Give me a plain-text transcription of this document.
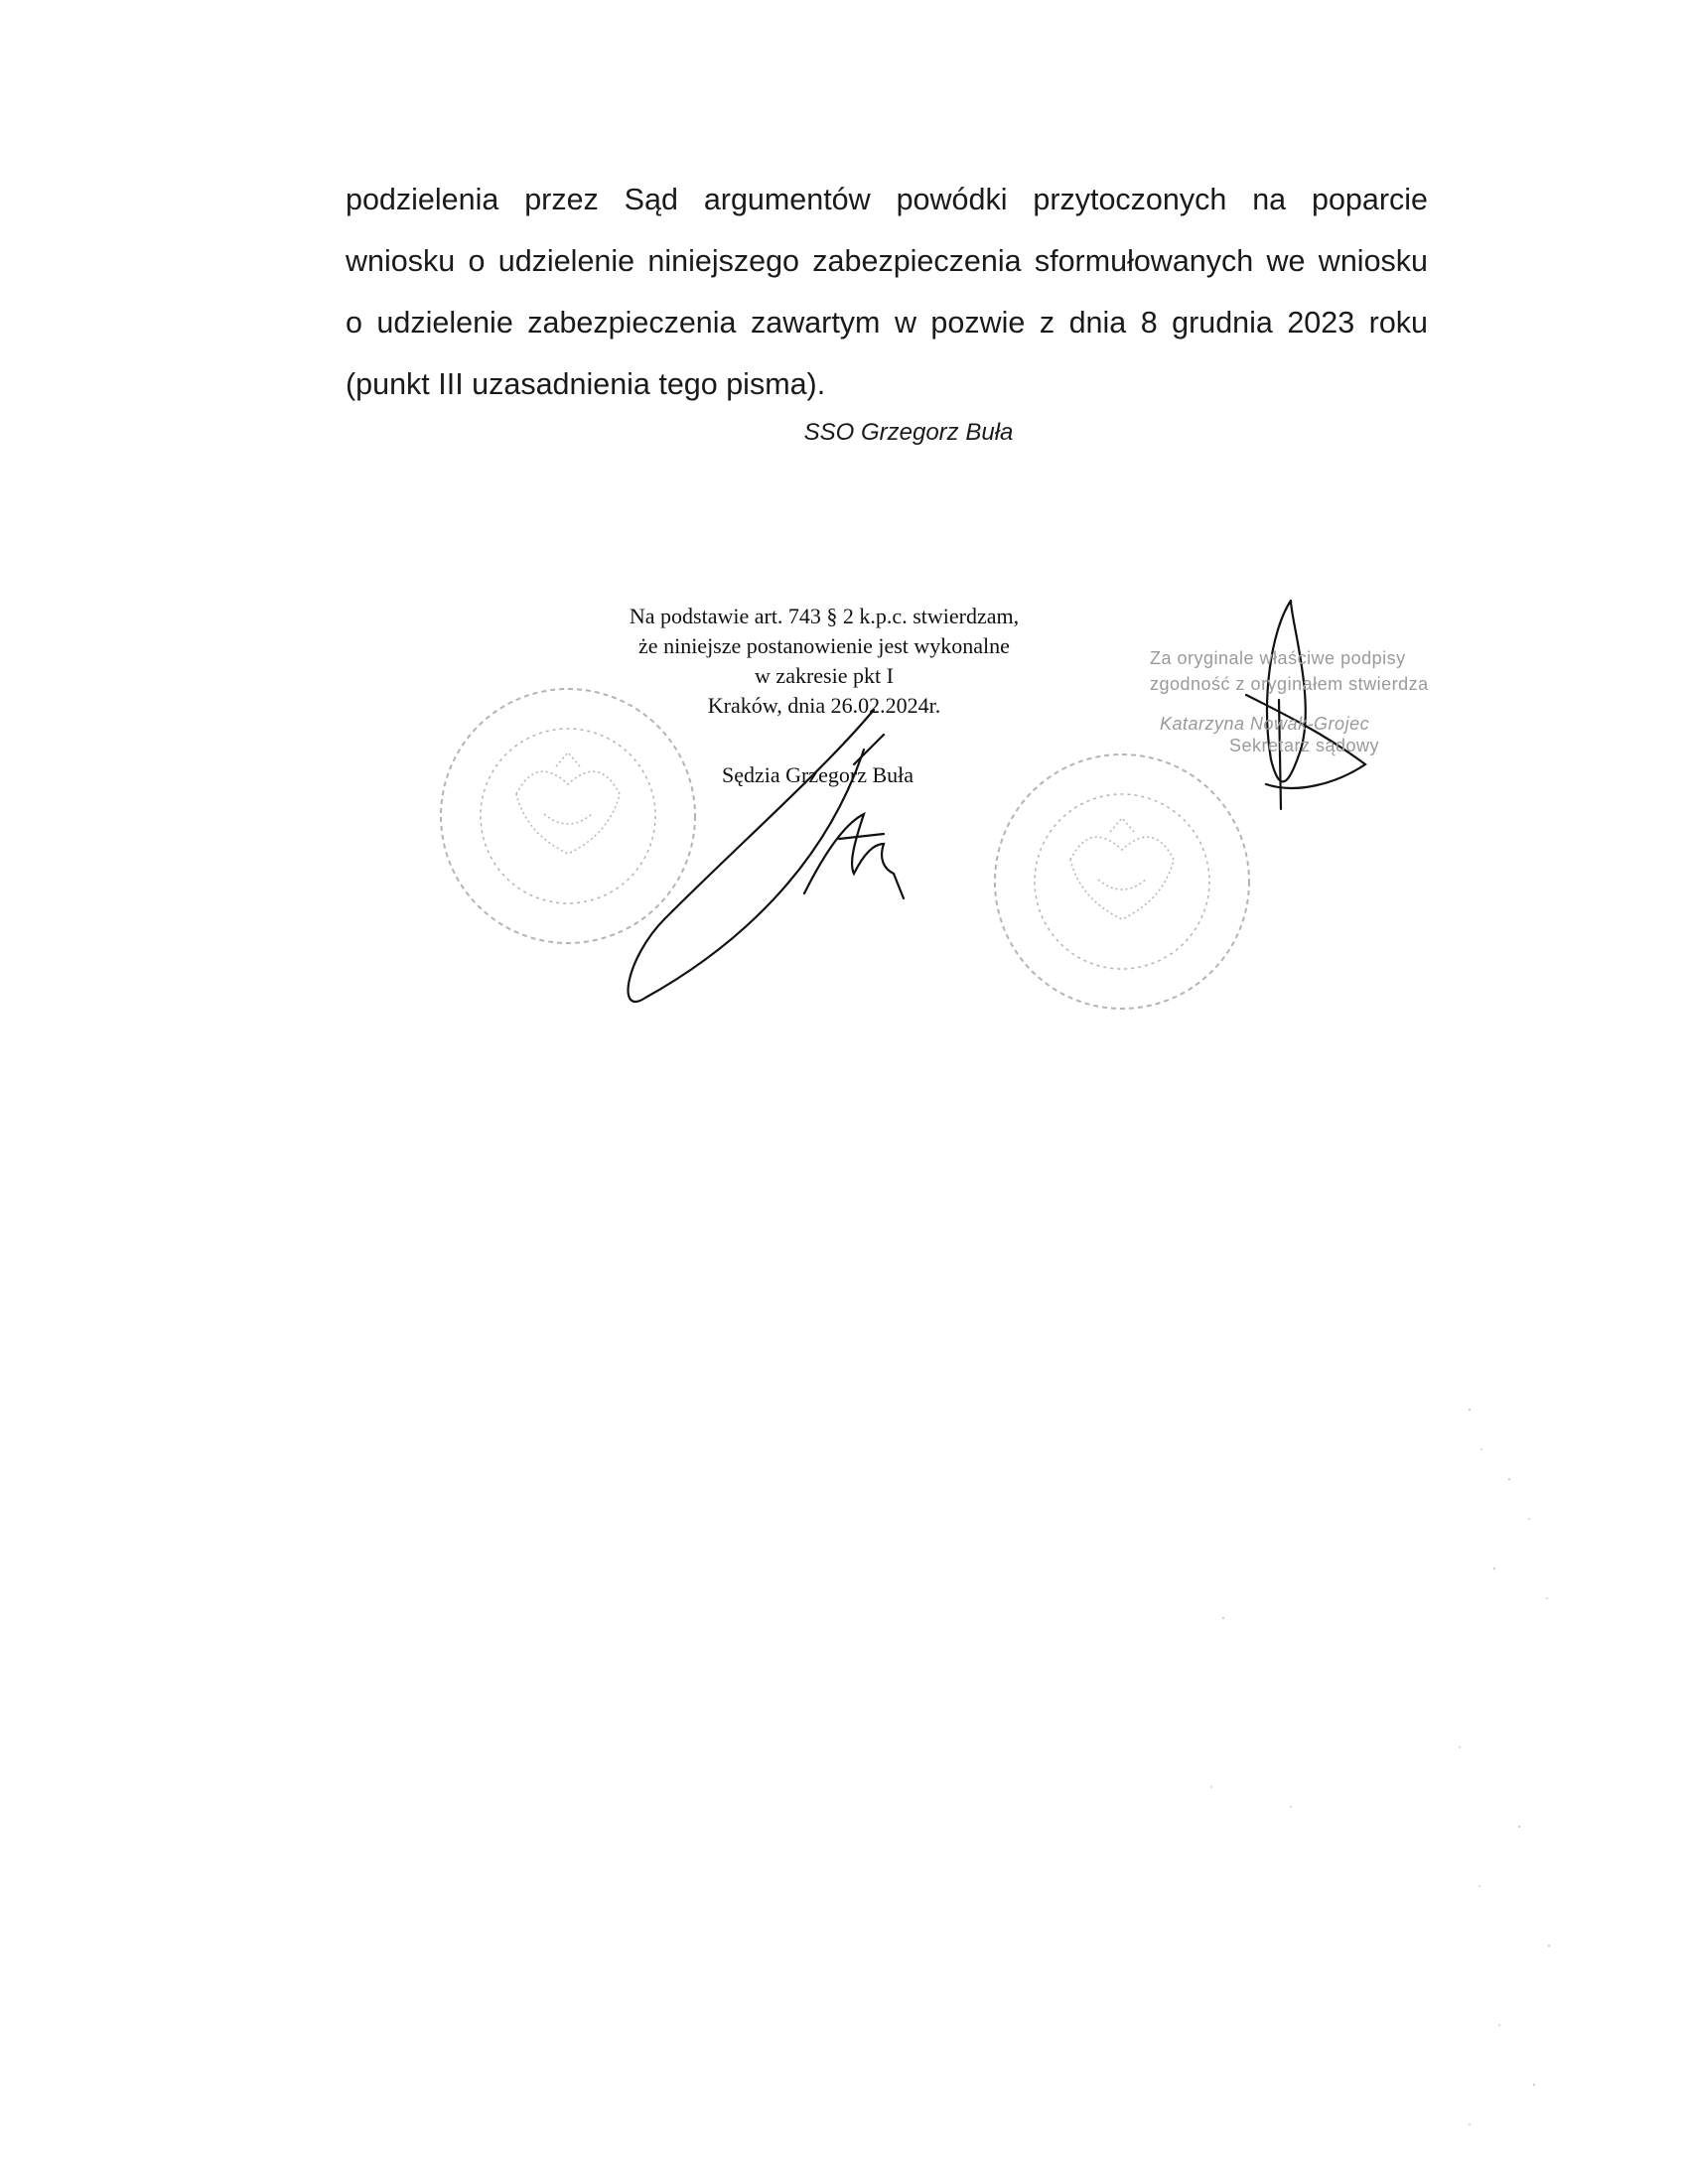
podzielenia przez Sąd argumentów powódki przytoczonych na poparcie
wniosku o udzielenie niniejszego zabezpieczenia sformułowanych we wniosku
o udzielenie zabezpieczenia zawartym w pozwie z dnia 8 grudnia 2023 roku
(punkt III uzasadnienia tego pisma).
SSO Grzegorz Buła
Na podstawie art. 743 § 2 k.p.c. stwierdzam,
że niniejsze postanowienie jest wykonalne
w zakresie pkt I
Kraków, dnia 26.02.2024r.
Sędzia Grzegorz Buła
Za oryginale właściwe podpisy
zgodność z oryginałem stwierdza
Katarzyna Nowak-Grojec
Sekretarz sądowy
